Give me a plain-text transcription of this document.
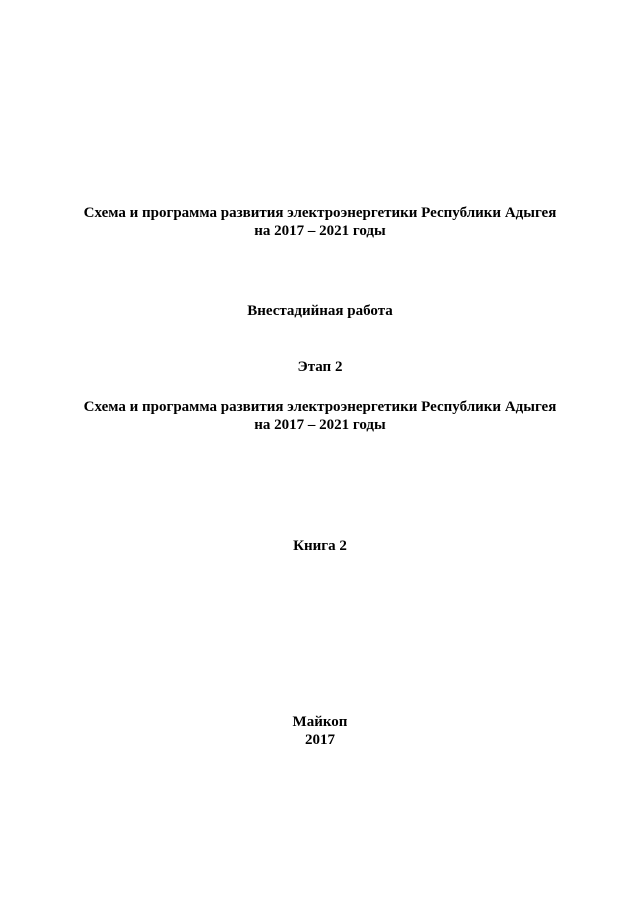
Схема и программа развития электроэнергетики Республики Адыгея
на 2017 – 2021 годы
Внестадийная работа
Этап 2
Схема и программа развития электроэнергетики Республики Адыгея
на 2017 – 2021 годы
Книга 2
Майкоп
2017
